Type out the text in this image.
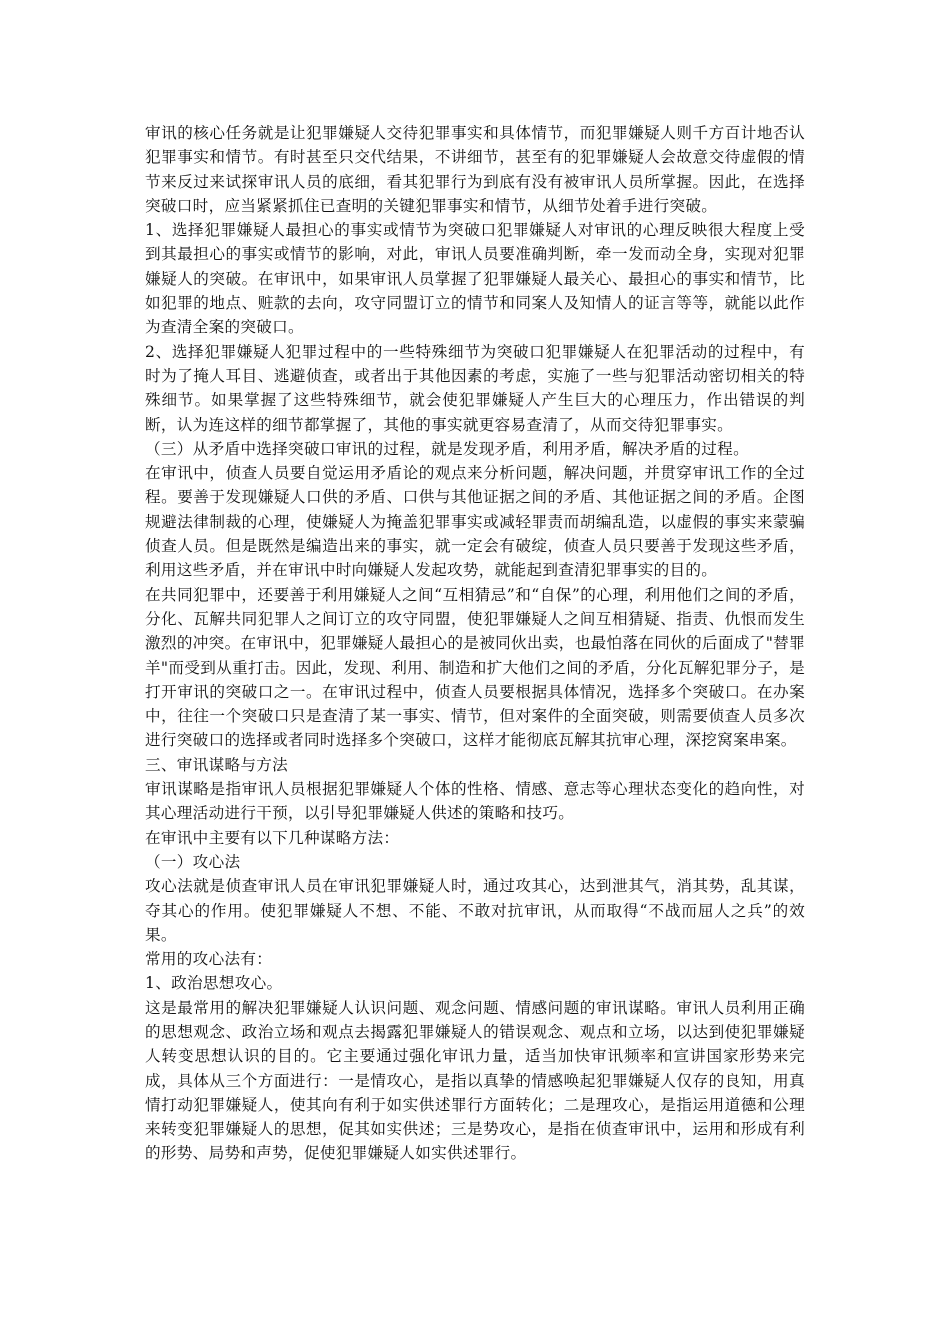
审讯的核心任务就是让犯罪嫌疑人交待犯罪事实和具体情节，而犯罪嫌疑人则千方百计地否认犯罪事实和情节。有时甚至只交代结果，不讲细节，甚至有的犯罪嫌疑人会故意交待虚假的情节来反过来试探审讯人员的底细，看其犯罪行为到底有没有被审讯人员所掌握。因此，在选择突破口时，应当紧紧抓住已查明的关键犯罪事实和情节，从细节处着手进行突破。

1、选择犯罪嫌疑人最担心的事实或情节为突破口犯罪嫌疑人对审讯的心理反映很大程度上受到其最担心的事实或情节的影响，对此，审讯人员要准确判断，牵一发而动全身，实现对犯罪嫌疑人的突破。在审讯中，如果审讯人员掌握了犯罪嫌疑人最关心、最担心的事实和情节，比如犯罪的地点、赃款的去向，攻守同盟订立的情节和同案人及知情人的证言等等，就能以此作为查清全案的突破口。

2、选择犯罪嫌疑人犯罪过程中的一些特殊细节为突破口犯罪嫌疑人在犯罪活动的过程中，有时为了掩人耳目、逃避侦查，或者出于其他因素的考虑，实施了一些与犯罪活动密切相关的特殊细节。如果掌握了这些特殊细节，就会使犯罪嫌疑人产生巨大的心理压力，作出错误的判断，认为连这样的细节都掌握了，其他的事实就更容易查清了，从而交待犯罪事实。

（三）从矛盾中选择突破口审讯的过程，就是发现矛盾，利用矛盾，解决矛盾的过程。

在审讯中，侦查人员要自觉运用矛盾论的观点来分析问题，解决问题，并贯穿审讯工作的全过程。要善于发现嫌疑人口供的矛盾、口供与其他证据之间的矛盾、其他证据之间的矛盾。企图规避法律制裁的心理，使嫌疑人为掩盖犯罪事实或减轻罪责而胡编乱造，以虚假的事实来蒙骗侦查人员。但是既然是编造出来的事实，就一定会有破绽，侦查人员只要善于发现这些矛盾，利用这些矛盾，并在审讯中时向嫌疑人发起攻势，就能起到查清犯罪事实的目的。

在共同犯罪中，还要善于利用嫌疑人之间“互相猜忌”和“自保”的心理，利用他们之间的矛盾，分化、瓦解共同犯罪人之间订立的攻守同盟，使犯罪嫌疑人之间互相猜疑、指责、仇恨而发生激烈的冲突。在审讯中，犯罪嫌疑人最担心的是被同伙出卖，也最怕落在同伙的后面成了"替罪羊"而受到从重打击。因此，发现、利用、制造和扩大他们之间的矛盾，分化瓦解犯罪分子，是打开审讯的突破口之一。在审讯过程中，侦查人员要根据具体情况，选择多个突破口。在办案中，往往一个突破口只是查清了某一事实、情节，但对案件的全面突破，则需要侦查人员多次进行突破口的选择或者同时选择多个突破口，这样才能彻底瓦解其抗审心理，深挖窝案串案。

三、审讯谋略与方法

审讯谋略是指审讯人员根据犯罪嫌疑人个体的性格、情感、意志等心理状态变化的趋向性，对其心理活动进行干预，以引导犯罪嫌疑人供述的策略和技巧。

在审讯中主要有以下几种谋略方法：

（一）攻心法

攻心法就是侦查审讯人员在审讯犯罪嫌疑人时，通过攻其心，达到泄其气，消其势，乱其谋，夺其心的作用。使犯罪嫌疑人不想、不能、不敢对抗审讯，从而取得“不战而屈人之兵”的效果。

常用的攻心法有：

1、政治思想攻心。

这是最常用的解决犯罪嫌疑人认识问题、观念问题、情感问题的审讯谋略。审讯人员利用正确的思想观念、政治立场和观点去揭露犯罪嫌疑人的错误观念、观点和立场，以达到使犯罪嫌疑人转变思想认识的目的。它主要通过强化审讯力量，适当加快审讯频率和宣讲国家形势来完成，具体从三个方面进行：一是情攻心，是指以真挚的情感唤起犯罪嫌疑人仅存的良知，用真情打动犯罪嫌疑人，使其向有利于如实供述罪行方面转化；二是理攻心，是指运用道德和公理来转变犯罪嫌疑人的思想，促其如实供述；三是势攻心，是指在侦查审讯中，运用和形成有利的形势、局势和声势，促使犯罪嫌疑人如实供述罪行。
